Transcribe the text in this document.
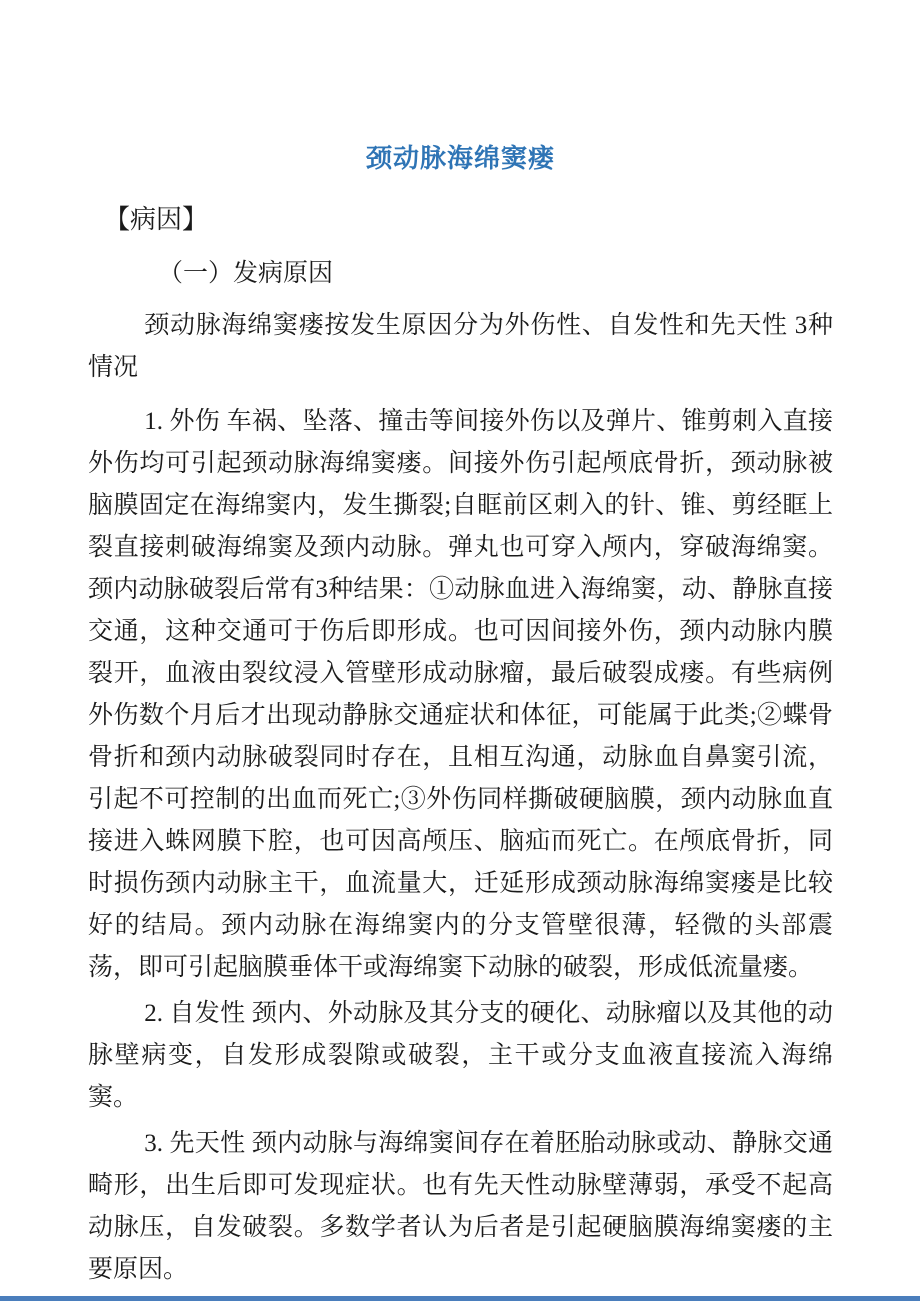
颈动脉海绵窦瘘
【病因】
（一）发病原因

颈动脉海绵窦瘘按发生原因分为外伤性、自发性和先天性 3种情况

1. 外伤 车祸、坠落、撞击等间接外伤以及弹片、锥剪刺入直接外伤均可引起颈动脉海绵窦瘘。间接外伤引起颅底骨折，颈动脉被脑膜固定在海绵窦内，发生撕裂;自眶前区刺入的针、锥、剪经眶上裂直接刺破海绵窦及颈内动脉。弹丸也可穿入颅内，穿破海绵窦。颈内动脉破裂后常有3种结果：①动脉血进入海绵窦，动、静脉直接交通，这种交通可于伤后即形成。也可因间接外伤，颈内动脉内膜裂开，血液由裂纹浸入管壁形成动脉瘤，最后破裂成瘘。有些病例外伤数个月后才出现动静脉交通症状和体征，可能属于此类;②蝶骨骨折和颈内动脉破裂同时存在，且相互沟通，动脉血自鼻窦引流，引起不可控制的出血而死亡;③外伤同样撕破硬脑膜，颈内动脉血直接进入蛛网膜下腔，也可因高颅压、脑疝而死亡。在颅底骨折，同时损伤颈内动脉主干，血流量大，迁延形成颈动脉海绵窦瘘是比较好的结局。颈内动脉在海绵窦内的分支管壁很薄，轻微的头部震荡，即可引起脑膜垂体干或海绵窦下动脉的破裂，形成低流量瘘。

2. 自发性 颈内、外动脉及其分支的硬化、动脉瘤以及其他的动脉壁病变，自发形成裂隙或破裂，主干或分支血液直接流入海绵窦。

3. 先天性 颈内动脉与海绵窦间存在着胚胎动脉或动、静脉交通畸形，出生后即可发现症状。也有先天性动脉壁薄弱，承受不起高动脉压，自发破裂。多数学者认为后者是引起硬脑膜海绵窦瘘的主要原因。
